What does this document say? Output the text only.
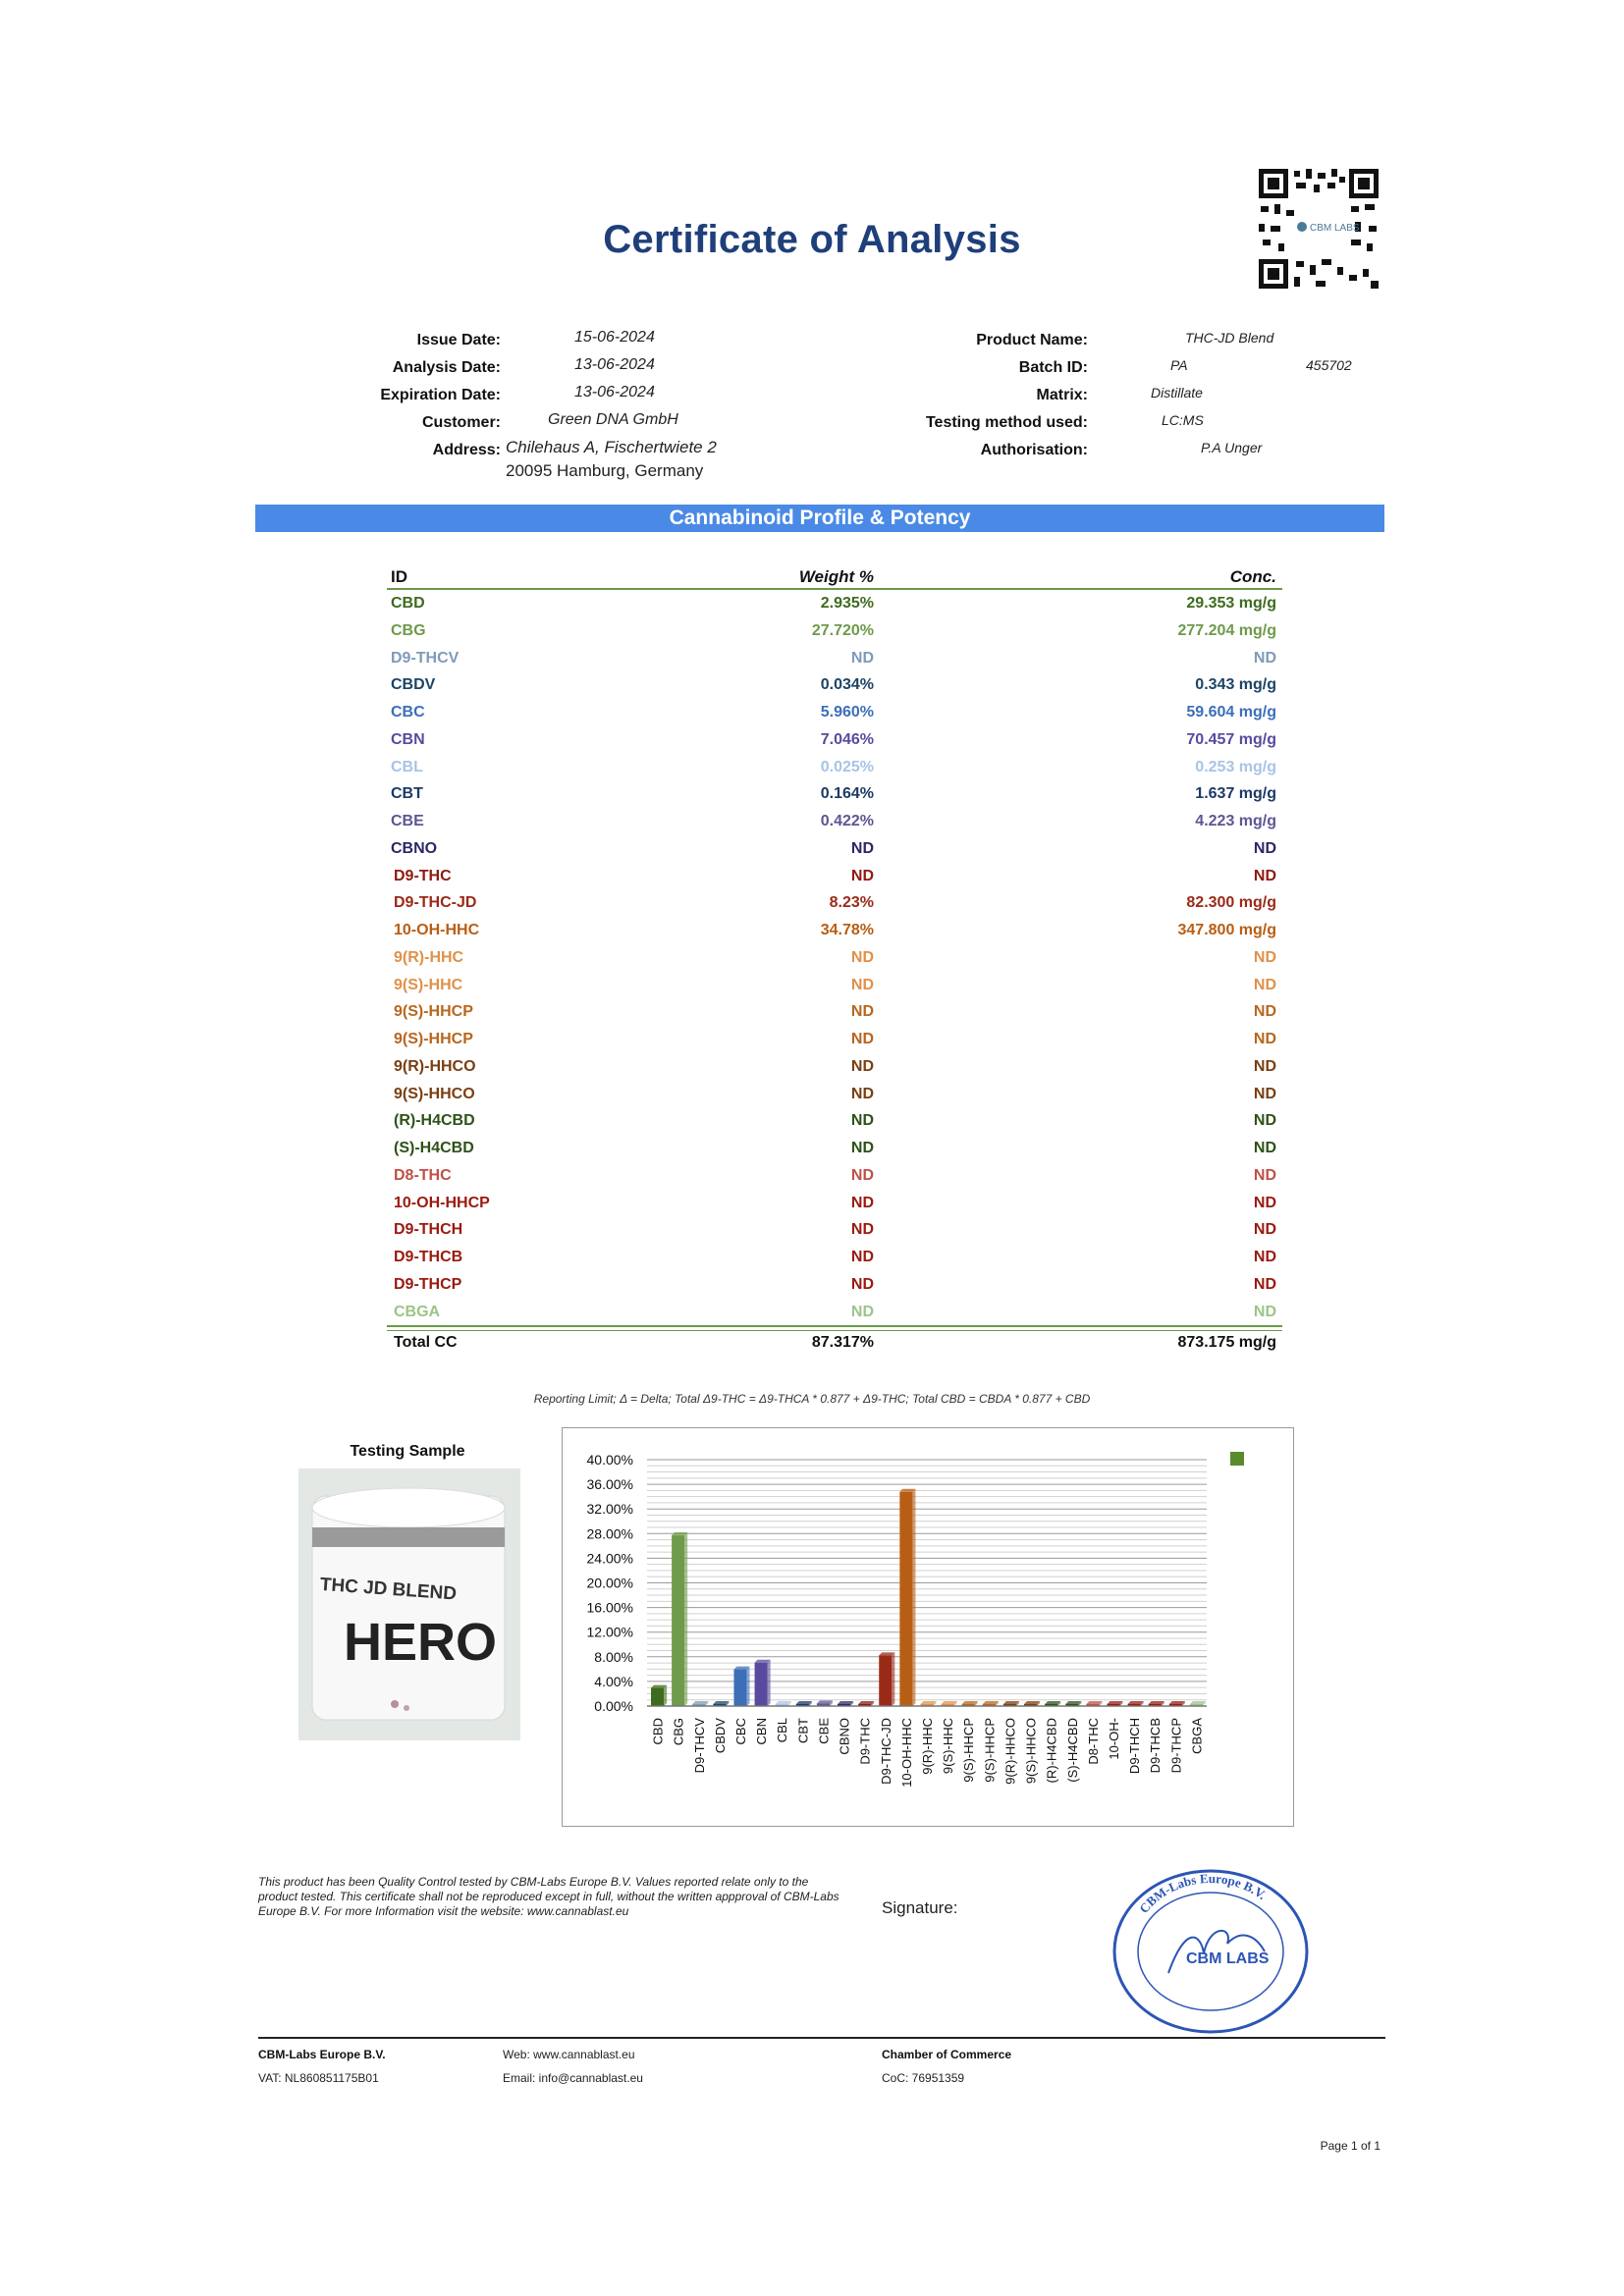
Certificate of Analysis	CBM LABS
Issue Date:	15-06-2024
Analysis Date:	13-06-2024
Expiration Date:	13-06-2024
Customer:	Green DNA GmbH
Address: Chilehaus A, Fischertwiete 2
20095 Hamburg, Germany
Product Name:	THC-JD Blend
Batch ID:	PA	455702
Matrix:	Distillate
Testing method used:	LC:MS
Authorisation:	P.A Unger
Cannabinoid Profile & Potency
ID	Weight %	Conc.
CBD	2.935%	29.353 mg/g
CBG	27.720%	277.204 mg/g
D9-THCV	ND	ND
CBDV	0.034%	0.343 mg/g
CBC	5.960%	59.604 mg/g
CBN	7.046%	70.457 mg/g
CBL	0.025%	0.253 mg/g
CBT	0.164%	1.637 mg/g
CBE	0.422%	4.223 mg/g
CBNO	ND	ND
D9-THC	ND	ND
D9-THC-JD	8.23%	82.300 mg/g
10-OH-HHC	34.78%	347.800 mg/g
9(R)-HHC	ND	ND
9(S)-HHC	ND	ND
9(S)-HHCP	ND	ND
9(S)-HHCP	ND	ND
9(R)-HHCO	ND	ND
9(S)-HHCO	ND	ND
(R)-H4CBD	ND	ND
(S)-H4CBD	ND	ND
D8-THC	ND	ND
10-OH-HHCP	ND	ND
D9-THCH	ND	ND
D9-THCB	ND	ND
D9-THCP	ND	ND
CBGA	ND	ND
Total CC	87.317%	873.175 mg/g
Reporting Limit; Δ = Delta; Total Δ9-THC = Δ9-THCA * 0.877 + Δ9-THC; Total CBD = CBDA * 0.877 + CBD
Testing Sample
THC JD BLEND
HERO
0.00%
4.00%
8.00%
12.00%
16.00%
20.00%
24.00%
28.00%
32.00%
36.00%
40.00%
CBD CBG D9-THCV CBDV CBC CBN CBL CBT CBE CBNO D9-THC D9-THC-JD 10-OH-HHC 9(R)-HHC 9(S)-HHC 9(S)-HHCP 9(S)-HHCP 9(R)-HHCO 9(S)-HHCO (R)-H4CBD (S)-H4CBD D8-THC 10-OH- D9-THCH D9-THCB D9-THCP CBGA
This product has been Quality Control tested by CBM-Labs Europe B.V. Values reported relate only to the product tested. This certificate shall not be reproduced except in full, without the written appproval of CBM-Labs Europe B.V. For more Information visit the website: www.cannablast.eu	Signature:	CBM-Labs Europe B.V.
CBM LABS
CBM-Labs Europe B.V.
VAT: NL860851175B01
Web: www.cannablast.eu
Email: info@cannablast.eu
Chamber of Commerce
CoC: 76951359
Page 1 of 1
